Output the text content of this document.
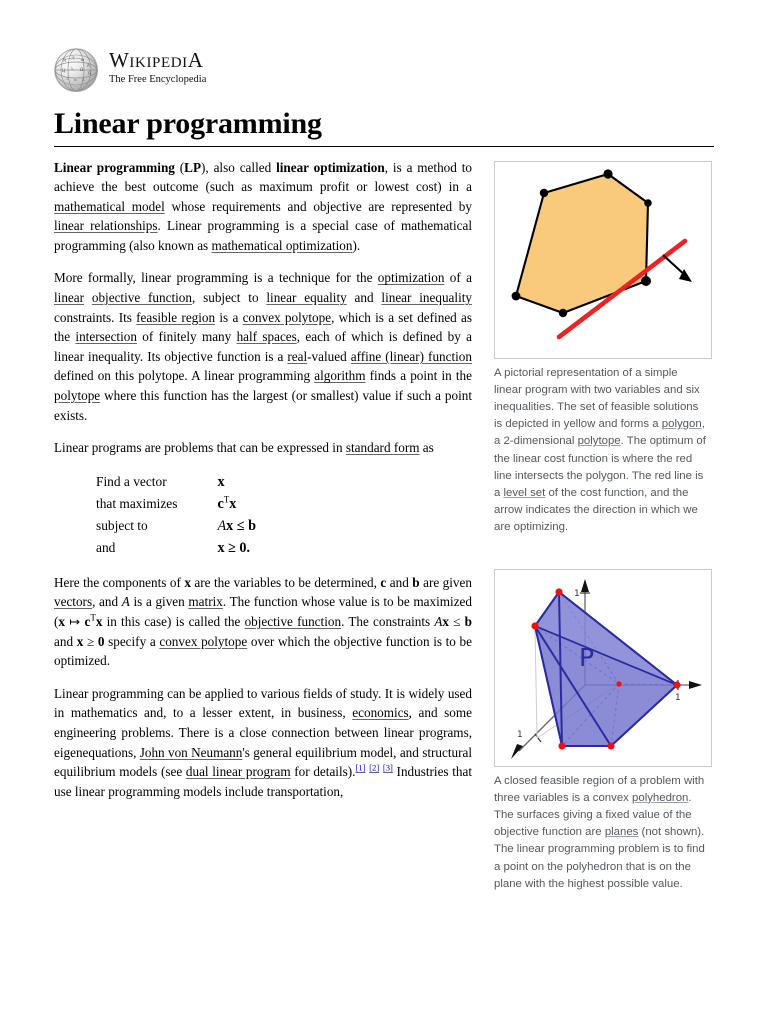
Я
文 ω
A
Ц 人 Ω
Я
ス מ ج
WIKIPEDIA
The Free Encyclopedia
Linear programming

Linear programming (LP), also called linear optimization, is a method to achieve the best outcome (such as maximum profit or lowest cost) in a mathematical model whose requirements and objective are represented by linear relationships. Linear programming is a special case of mathematical programming (also known as mathematical optimization).

More formally, linear programming is a technique for the optimization of a linear objective function, subject to linear equality and linear inequality constraints. Its feasible region is a convex polytope, which is a set defined as the intersection of finitely many half spaces, each of which is defined by a linear inequality. Its objective function is a real-valued affine (linear) function defined on this polytope. A linear programming algorithm finds a point in the polytope where this function has the largest (or smallest) value if such a point exists.

Linear programs are problems that can be expressed in standard form as

Find a vector	x
that maximizes	$c^Tx$
subject to	Ax ≤ b
and	x ≥ 0.

Here the components of x are the variables to be determined, c and b are given vectors, and A is a given matrix. The function whose value is to be maximized (x ↦ $c^Tx$ in this case) is called the objective function. The constraints Ax ≤ b and x ≥ 0 specify a convex polytope over which the objective function is to be optimized.

Linear programming can be applied to various fields of study. It is widely used in mathematics and, to a lesser extent, in business, economics, and some engineering problems. There is a close connection between linear programs, eigenequations, John von Neumann's general equilibrium model, and structural equilibrium models (see dual linear program for details).[1] [2] [3] Industries that use linear programming models include transportation,

A pictorial representation of a simple linear program with two variables and six inequalities. The set of feasible solutions is depicted in yellow and forms a polygon, a 2-dimensional polytope. The optimum of the linear cost function is where the red line intersects the polygon. The red line is a level set of the cost function, and the arrow indicates the direction in which we are optimizing.
1
1
1
P
A closed feasible region of a problem with three variables is a convex polyhedron. The surfaces giving a fixed value of the objective function are planes (not shown). The linear programming problem is to find a point on the polyhedron that is on the plane with the highest possible value.
